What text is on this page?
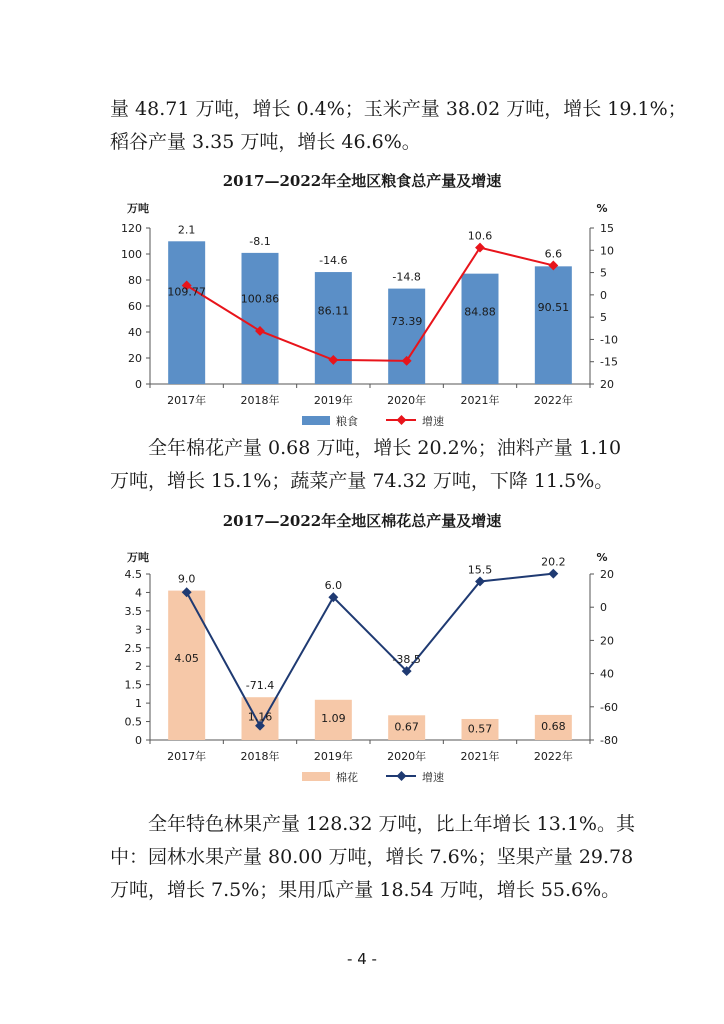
量 48.71 万吨，增长 0.4%；玉米产量 38.02 万吨，增长 19.1%；
稻谷产量 3.35 万吨，增长 46.6%。

2017—2022年全地区粮食总产量及增速
0
20
40
60
80
100
120	15
10
5
0
5
-10
-15
20
万吨	%
2017年	2018年	2019年	2020年	2021年	2022年
2.1
-8.1
-14.6
-14.8
10.6
6.6
109.77
100.86
86.11
73.39
84.88	90.51
粮食	增速

全年棉花产量 0.68 万吨，增长 20.2%；油料产量 1.10
万吨，增长 15.1%；蔬菜产量 74.32 万吨，下降 11.5%。

2017—2022年全地区棉花总产量及增速
0
0.5
1
1.5
2
2.5
3
3.5
4
4.5	20
0
20
40
-60
-80
万吨	%
2017年	2018年	2019年	2020年	2021年	2022年
9.0
-71.4
6.0
-38.5
15.5
20.2
4.05
1.16	1.09
0.67	0.57	0.68
棉花	增速

全年特色林果产量 128.32 万吨，比上年增长 13.1%。其
中：园林水果产量 80.00 万吨，增长 7.6%；坚果产量 29.78
万吨，增长 7.5%；果用瓜产量 18.54 万吨，增长 55.6%。

- 4 -
